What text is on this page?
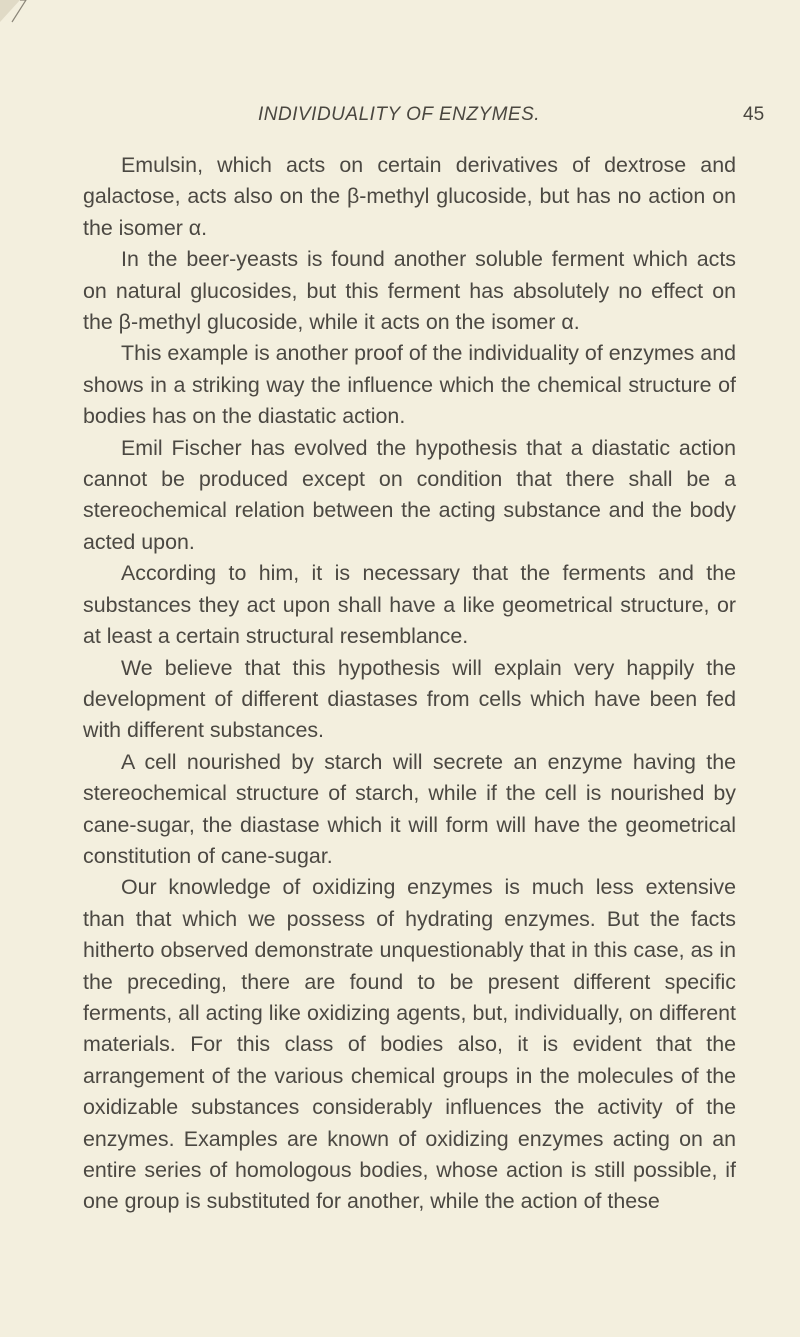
INDIVIDUALITY OF ENZYMES.	45

Emulsin, which acts on certain derivatives of dextrose and galactose, acts also on the β-methyl glucoside, but has no action on the isomer α.

In the beer-yeasts is found another soluble ferment which acts on natural glucosides, but this ferment has absolutely no effect on the β-methyl glucoside, while it acts on the isomer α.

This example is another proof of the individuality of enzymes and shows in a striking way the influence which the chemical structure of bodies has on the diastatic action.

Emil Fischer has evolved the hypothesis that a diastatic action cannot be produced except on condition that there shall be a stereochemical relation between the acting substance and the body acted upon.

According to him, it is necessary that the ferments and the substances they act upon shall have a like geometrical structure, or at least a certain structural resemblance.

We believe that this hypothesis will explain very happily the development of different diastases from cells which have been fed with different substances.

A cell nourished by starch will secrete an enzyme having the stereochemical structure of starch, while if the cell is nourished by cane-sugar, the diastase which it will form will have the geometrical constitution of cane-sugar.

Our knowledge of oxidizing enzymes is much less extensive than that which we possess of hydrating enzymes. But the facts hitherto observed demonstrate unquestionably that in this case, as in the preceding, there are found to be present different specific ferments, all acting like oxidizing agents, but, individually, on different materials. For this class of bodies also, it is evident that the arrangement of the various chemical groups in the molecules of the oxidizable substances considerably influences the activity of the enzymes. Examples are known of oxidizing enzymes acting on an entire series of homologous bodies, whose action is still possible, if one group is substituted for another, while the action of these
